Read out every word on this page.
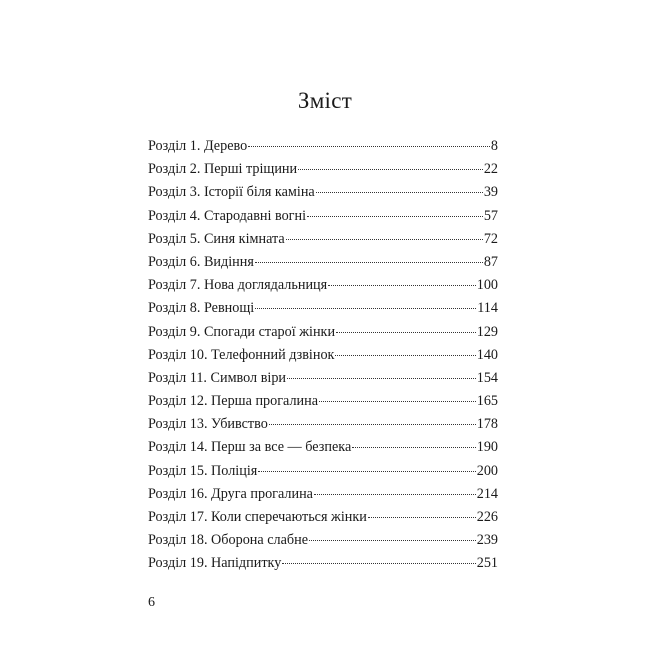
Зміст
Розділ 1. Дерево	8
Розділ 2. Перші тріщини	22
Розділ 3. Історії біля каміна	39
Розділ 4. Стародавні вогні	57
Розділ 5. Синя кімната	72
Розділ 6. Видіння	87
Розділ 7. Нова доглядальниця	100
Розділ 8. Ревнощі	114
Розділ 9. Спогади старої жінки	129
Розділ 10. Телефонний дзвінок	140
Розділ 11. Символ віри	154
Розділ 12. Перша прогалина	165
Розділ 13. Убивство	178
Розділ 14. Перш за все — безпека	190
Розділ 15. Поліція	200
Розділ 16. Друга прогалина	214
Розділ 17. Коли сперечаються жінки	226
Розділ 18. Оборона слабне	239
Розділ 19. Напідпитку	251
6
